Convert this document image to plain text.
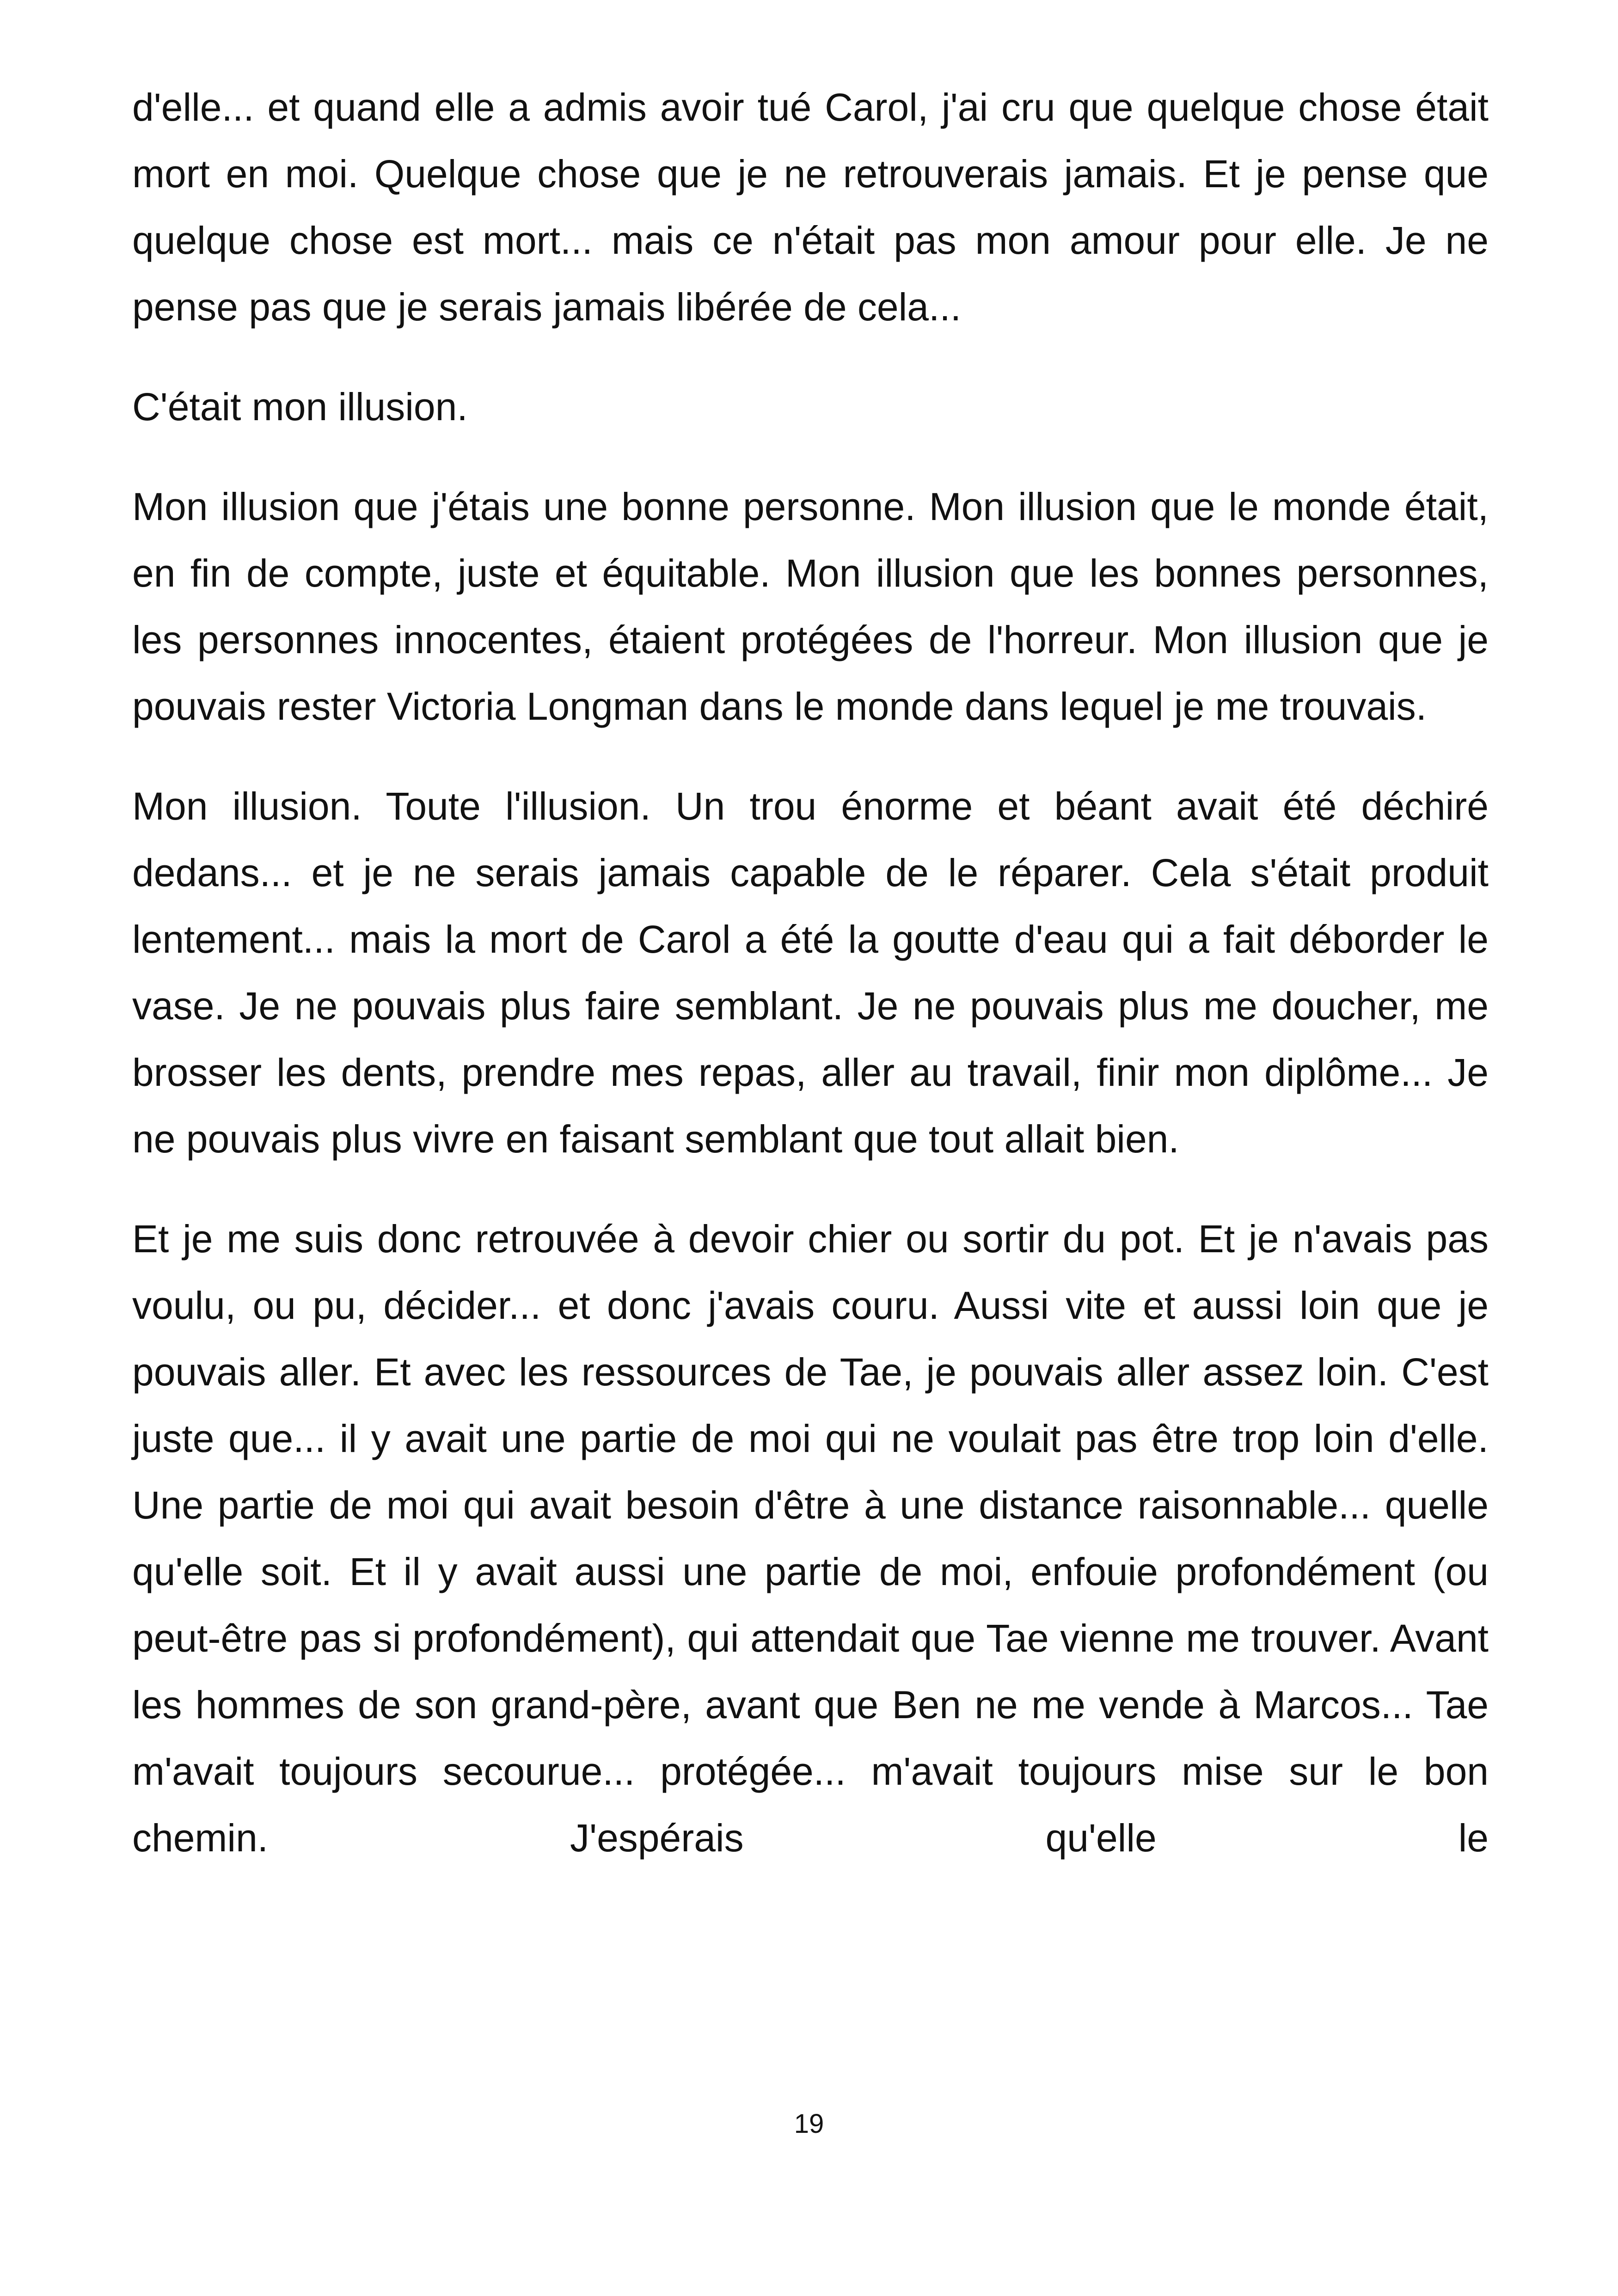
d'elle... et quand elle a admis avoir tué Carol, j'ai cru que quelque chose était mort en moi. Quelque chose que je ne retrouverais jamais. Et je pense que quelque chose est mort... mais ce n'était pas mon amour pour elle. Je ne pense pas que je serais jamais libérée de cela...

C'était mon illusion.

Mon illusion que j'étais une bonne personne. Mon illusion que le monde était, en fin de compte, juste et équitable. Mon illusion que les bonnes personnes, les personnes innocentes, étaient protégées de l'horreur. Mon illusion que je pouvais rester Victoria Longman dans le monde dans lequel je me trouvais.

Mon illusion. Toute l'illusion. Un trou énorme et béant avait été déchiré dedans... et je ne serais jamais capable de le réparer. Cela s'était produit lentement... mais la mort de Carol a été la goutte d'eau qui a fait déborder le vase. Je ne pouvais plus faire semblant. Je ne pouvais plus me doucher, me brosser les dents, prendre mes repas, aller au travail, finir mon diplôme... Je ne pouvais plus vivre en faisant semblant que tout allait bien.

Et je me suis donc retrouvée à devoir chier ou sortir du pot. Et je n'avais pas voulu, ou pu, décider... et donc j'avais couru. Aussi vite et aussi loin que je pouvais aller. Et avec les ressources de Tae, je pouvais aller assez loin. C'est juste que... il y avait une partie de moi qui ne voulait pas être trop loin d'elle. Une partie de moi qui avait besoin d'être à une distance raisonnable... quelle qu'elle soit. Et il y avait aussi une partie de moi, enfouie profondément (ou peut-être pas si profondément), qui attendait que Tae vienne me trouver. Avant les hommes de son grand-père, avant que Ben ne me vende à Marcos... Tae m'avait toujours secourue... protégée... m'avait toujours mise sur le bon chemin. J'espérais qu'elle le

19
